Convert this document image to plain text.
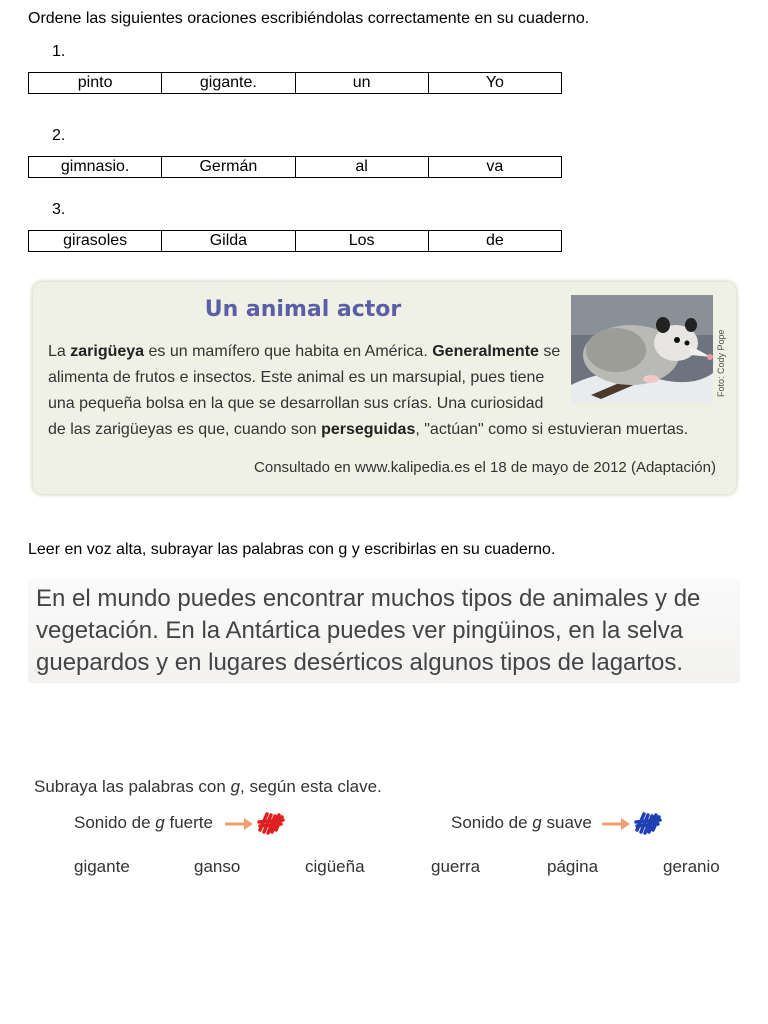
Ordene las siguientes oraciones escribiéndolas correctamente en su cuaderno.
1.
pinto	gigante.	un	Yo
2.
gimnasio.	Germán	al	va
3.
girasoles	Gilda	Los	de
Un animal actor
La zarigüeya es un mamífero que habita en América. Generalmente se
alimenta de frutos e insectos. Este animal es un marsupial, pues tiene
una pequeña bolsa en la que se desarrollan sus crías. Una curiosidad
de las zarigüeyas es que, cuando son perseguidas, "actúan" como si estuvieran muertas.
Consultado en www.kalipedia.es el 18 de mayo de 2012 (Adaptación)
Foto: Cody Pope
Leer en voz alta, subrayar las palabras con g y escribirlas en su cuaderno.
En el mundo puedes encontrar muchos tipos de animales y de
vegetación. En la Antártica puedes ver pingüinos, en la selva
guepardos y en lugares desérticos algunos tipos de lagartos.
Subraya las palabras con g, según esta clave.
Sonido de g fuerte	Sonido de g suave
gigante	ganso	cigüeña	guerra	página	geranio
